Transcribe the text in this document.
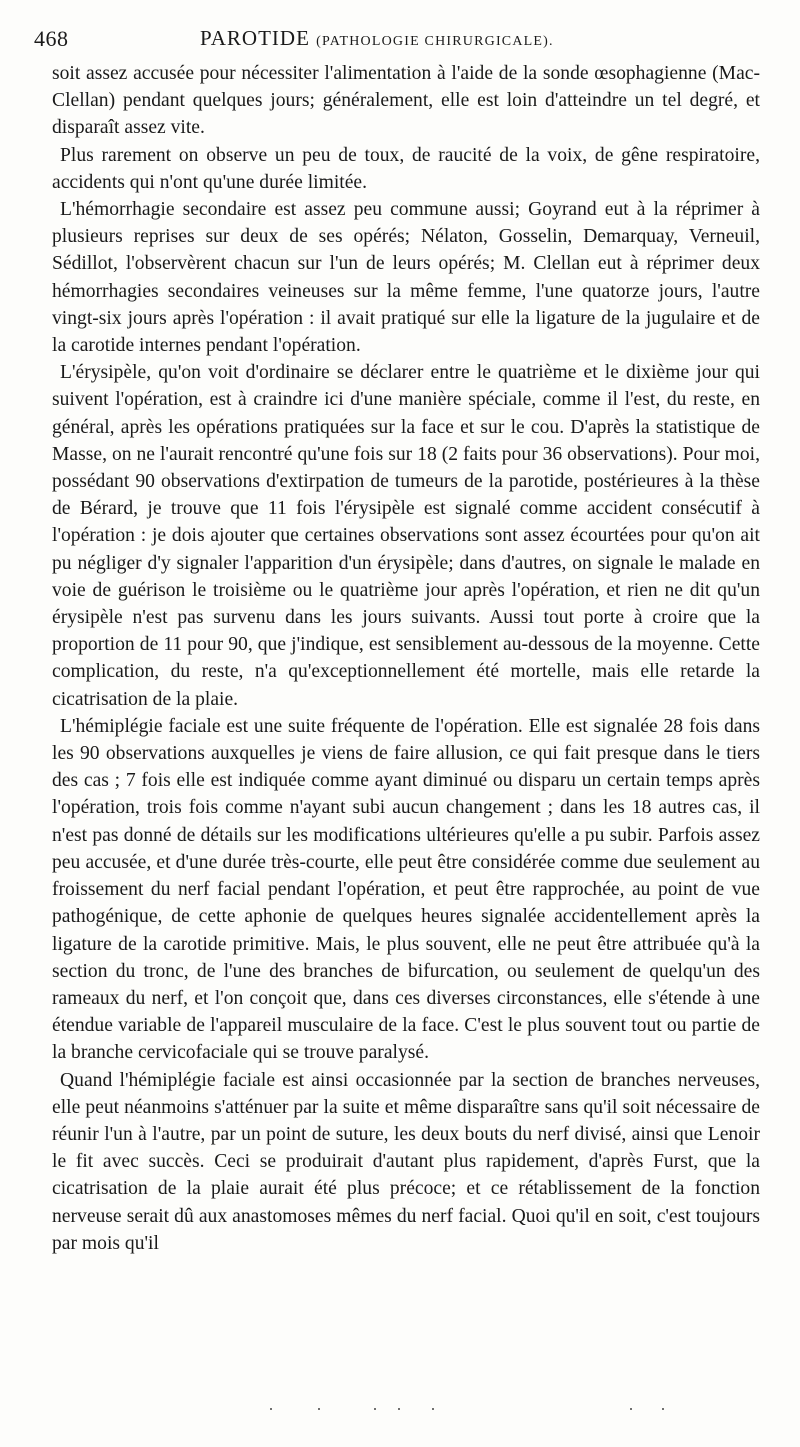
468	PAROTIDE (PATHOLOGIE CHIRURGICALE).

soit assez accusée pour nécessiter l'alimentation à l'aide de la sonde œsophagienne (Mac-Clellan) pendant quelques jours; généralement, elle est loin d'atteindre un tel degré, et disparaît assez vite.

Plus rarement on observe un peu de toux, de raucité de la voix, de gêne respiratoire, accidents qui n'ont qu'une durée limitée.

L'hémorrhagie secondaire est assez peu commune aussi; Goyrand eut à la réprimer à plusieurs reprises sur deux de ses opérés; Nélaton, Gosselin, Demarquay, Verneuil, Sédillot, l'observèrent chacun sur l'un de leurs opérés; M. Clellan eut à réprimer deux hémorrhagies secondaires veineuses sur la même femme, l'une quatorze jours, l'autre vingt-six jours après l'opération : il avait pratiqué sur elle la ligature de la jugulaire et de la carotide internes pendant l'opération.

L'érysipèle, qu'on voit d'ordinaire se déclarer entre le quatrième et le dixième jour qui suivent l'opération, est à craindre ici d'une manière spéciale, comme il l'est, du reste, en général, après les opérations pratiquées sur la face et sur le cou. D'après la statistique de Masse, on ne l'aurait rencontré qu'une fois sur 18 (2 faits pour 36 observations). Pour moi, possédant 90 observations d'extirpation de tumeurs de la parotide, postérieures à la thèse de Bérard, je trouve que 11 fois l'érysipèle est signalé comme accident consécutif à l'opération : je dois ajouter que certaines observations sont assez écourtées pour qu'on ait pu négliger d'y signaler l'apparition d'un érysipèle; dans d'autres, on signale le malade en voie de guérison le troisième ou le quatrième jour après l'opération, et rien ne dit qu'un érysipèle n'est pas survenu dans les jours suivants. Aussi tout porte à croire que la proportion de 11 pour 90, que j'indique, est sensiblement au-dessous de la moyenne. Cette complication, du reste, n'a qu'exceptionnellement été mortelle, mais elle retarde la cicatrisation de la plaie.

L'hémiplégie faciale est une suite fréquente de l'opération. Elle est signalée 28 fois dans les 90 observations auxquelles je viens de faire allusion, ce qui fait presque dans le tiers des cas ; 7 fois elle est indiquée comme ayant diminué ou disparu un certain temps après l'opération, trois fois comme n'ayant subi aucun changement ; dans les 18 autres cas, il n'est pas donné de détails sur les modifications ultérieures qu'elle a pu subir. Parfois assez peu accusée, et d'une durée très-courte, elle peut être considérée comme due seulement au froissement du nerf facial pendant l'opération, et peut être rapprochée, au point de vue pathogénique, de cette aphonie de quelques heures signalée accidentellement après la ligature de la carotide primitive. Mais, le plus souvent, elle ne peut être attribuée qu'à la section du tronc, de l'une des branches de bifurcation, ou seulement de quelqu'un des rameaux du nerf, et l'on conçoit que, dans ces diverses circonstances, elle s'étende à une étendue variable de l'appareil musculaire de la face. C'est le plus souvent tout ou partie de la branche cervicofaciale qui se trouve paralysé.

Quand l'hémiplégie faciale est ainsi occasionnée par la section de branches nerveuses, elle peut néanmoins s'atténuer par la suite et même disparaître sans qu'il soit nécessaire de réunir l'un à l'autre, par un point de suture, les deux bouts du nerf divisé, ainsi que Lenoir le fit avec succès. Ceci se produirait d'autant plus rapidement, d'après Furst, que la cicatrisation de la plaie aurait été plus précoce; et ce rétablissement de la fonction nerveuse serait dû aux anastomoses mêmes du nerf facial. Quoi qu'il en soit, c'est toujours par mois qu'il
